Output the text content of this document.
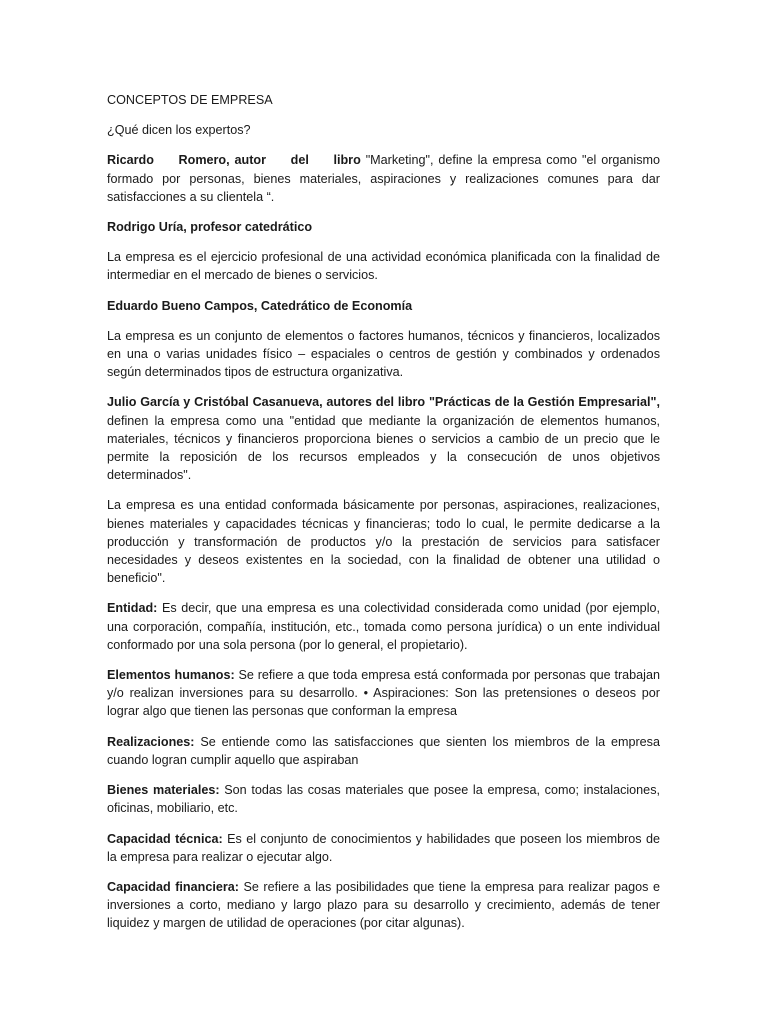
CONCEPTOS DE EMPRESA

¿Qué dicen los expertos?

Ricardo     Romero, autor     del     libro "Marketing", define la empresa como "el organismo formado por personas, bienes materiales, aspiraciones y realizaciones comunes para dar satisfacciones a su clientela “.

Rodrigo Uría, profesor catedrático

La empresa es el ejercicio profesional de una actividad económica planificada con la finalidad de intermediar en el mercado de bienes o servicios.

Eduardo Bueno Campos, Catedrático de Economía

La empresa es un conjunto de elementos o factores humanos, técnicos y financieros, localizados en una o varias unidades físico – espaciales o centros de gestión y combinados y ordenados según determinados tipos de estructura organizativa.

Julio García y Cristóbal Casanueva, autores del libro "Prácticas de la Gestión Empresarial", definen la empresa como una "entidad que mediante la organización de elementos humanos, materiales, técnicos y financieros proporciona bienes o servicios a cambio de un precio que le permite la reposición de los recursos empleados y la consecución de unos objetivos determinados".

La empresa es una entidad conformada básicamente por personas, aspiraciones, realizaciones, bienes materiales y capacidades técnicas y financieras; todo lo cual, le permite dedicarse a la producción y transformación de productos y/o la prestación de servicios para satisfacer necesidades y deseos existentes en la sociedad, con la finalidad de obtener una utilidad o beneficio".

Entidad: Es decir, que una empresa es una colectividad considerada como unidad (por ejemplo, una corporación, compañía, institución, etc., tomada como persona jurídica) o un ente individual conformado por una sola persona (por lo general, el propietario).

Elementos humanos: Se refiere a que toda empresa está conformada por personas que trabajan y/o realizan inversiones para su desarrollo. • Aspiraciones: Son las pretensiones o deseos por lograr algo que tienen las personas que conforman la empresa

Realizaciones: Se entiende como las satisfacciones que sienten los miembros de la empresa cuando logran cumplir aquello que aspiraban

Bienes materiales: Son todas las cosas materiales que posee la empresa, como; instalaciones, oficinas, mobiliario, etc.

Capacidad técnica: Es el conjunto de conocimientos y habilidades que poseen los miembros de la empresa para realizar o ejecutar algo.

Capacidad financiera: Se refiere a las posibilidades que tiene la empresa para realizar pagos e inversiones a corto, mediano y largo plazo para su desarrollo y crecimiento, además de tener liquidez y margen de utilidad de operaciones (por citar algunas).
